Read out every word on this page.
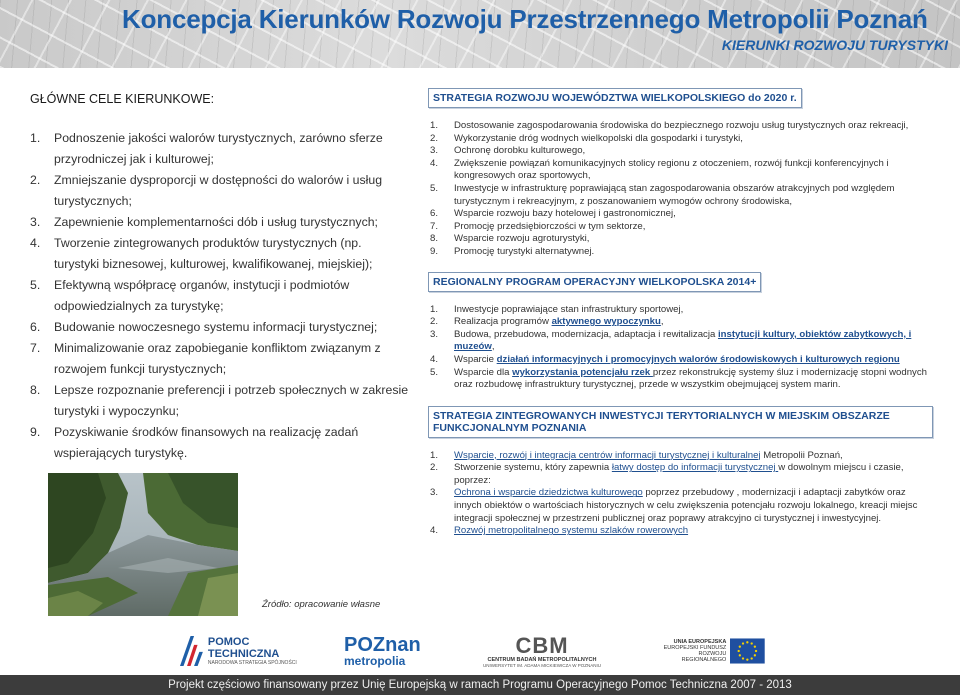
Koncepcja Kierunków Rozwoju Przestrzennego Metropolii Poznań
KIERUNKI ROZWOJU TURYSTYKI
GŁÓWNE CELE KIERUNKOWE:
1. Podnoszenie jakości walorów turystycznych, zarówno sferze przyrodniczej jak i kulturowej;
2. Zmniejszanie dysproporcji w dostępności do walorów i usług turystycznych;
3. Zapewnienie komplementarności dób i usług turystycznych;
4. Tworzenie zintegrowanych produktów turystycznych (np. turystyki biznesowej, kulturowej, kwalifikowanej, miejskiej);
5. Efektywną współpracę organów, instytucji i podmiotów odpowiedzialnych za turystykę;
6. Budowanie nowoczesnego systemu informacji turystycznej;
7. Minimalizowanie oraz zapobieganie konfliktom związanym z rozwojem funkcji turystycznych;
8. Lepsze rozpoznanie preferencji i potrzeb społecznych w zakresie turystyki i wypoczynku;
9. Pozyskiwanie środków finansowych na realizację zadań wspierających turystykę.
Źródło: opracowanie własne
STRATEGIA ROZWOJU WOJEWÓDZTWA WIELKOPOLSKIEGO do 2020 r.
1. Dostosowanie zagospodarowania środowiska do bezpiecznego rozwoju usług turystycznych oraz rekreacji,
2. Wykorzystanie dróg wodnych wielkopolski dla gospodarki i turystyki,
3. Ochronę dorobku kulturowego,
4. Zwiększenie powiązań komunikacyjnych stolicy regionu z otoczeniem, rozwój funkcji konferencyjnych i kongresowych oraz sportowych,
5. Inwestycje w infrastrukturę poprawiającą stan zagospodarowania obszarów atrakcyjnych pod względem turystycznym i rekreacyjnym, z poszanowaniem wymogów ochrony środowiska,
6. Wsparcie rozwoju bazy hotelowej i gastronomicznej,
7. Promocję przedsiębiorczości w tym sektorze,
8. Wsparcie rozwoju agroturystyki,
9. Promocję turystyki alternatywnej.
REGIONALNY PROGRAM OPERACYJNY WIELKOPOLSKA 2014+
1. Inwestycje poprawiające stan infrastruktury sportowej,
2. Realizacja programów aktywnego wypoczynku,
3. Budowa, przebudowa, modernizacja, adaptacja i rewitalizacja instytucji kultury, obiektów zabytkowych, i muzeów,
4. Wsparcie działań informacyjnych i promocyjnych walorów środowiskowych i kulturowych regionu
5. Wsparcie dla wykorzystania potencjału rzek przez rekonstrukcję systemy śluz i modernizację stopni wodnych oraz rozbudowę infrastruktury turystycznej, przede w wszystkim obejmującej system marin.
STRATEGIA ZINTEGROWANYCH INWESTYCJI TERYTORIALNYCH W MIEJSKIM OBSZARZE FUNKCJONALNYM POZNANIA
1. Wsparcie, rozwój i integracja centrów informacji turystycznej i kulturalnej Metropolii Poznań,
2. Stworzenie systemu, który zapewnia łatwy dostęp do informacji turystycznej w dowolnym miejscu i czasie, poprzez:
3. Ochrona i wsparcie dziedzictwa kulturowego poprzez przebudowy , modernizacji i adaptacji zabytków oraz innych obiektów o wartościach historycznych w celu zwiększenia potencjału rozwoju lokalnego, kreacji miejsc integracji społecznej w przestrzeni publicznej oraz poprawy atrakcyjno ci turystycznej i inwestycyjnej.
4. Rozwój metropolitalnego systemu szlaków rowerowych
POMOC TECHNICZNA
NARODOWA STRATEGIA SPÓJNOŚCI
POZnan
metropolia
CBM
CENTRUM BADAŃ METROPOLITALNYCH
UNIWERSYTET IM. ADAMA MICKIEWICZA W POZNANIU
UNIA EUROPEJSKA
EUROPEJSKI FUNDUSZ
ROZWOJU REGIONALNEGO
Projekt częściowo finansowany przez Unię Europejską w ramach Programu Operacyjnego Pomoc Techniczna 2007 - 2013
